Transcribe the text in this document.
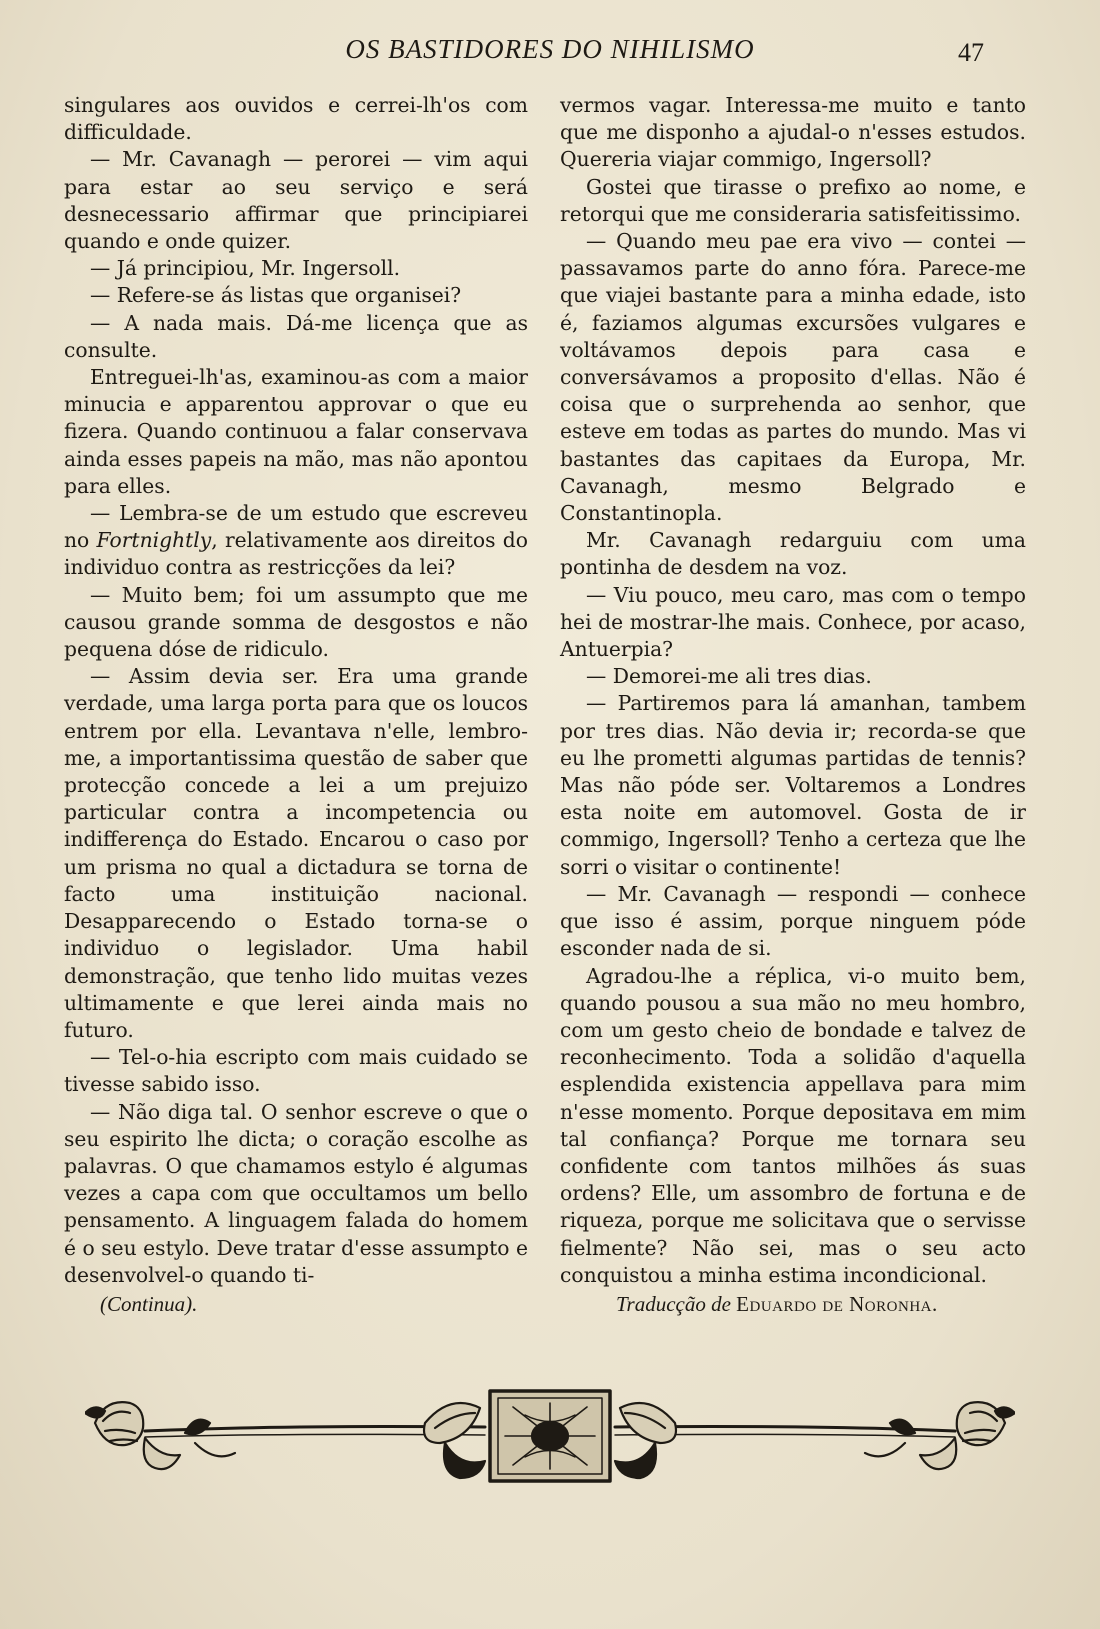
OS BASTIDORES DO NIHILISMO	47

singulares aos ouvidos e cerrei-lh'os com difficuldade.

— Mr. Cavanagh — perorei — vim aqui para estar ao seu serviço e será desnecessario affirmar que principiarei quando e onde quizer.

— Já principiou, Mr. Ingersoll.

— Refere-se ás listas que organisei?

— A nada mais. Dá-me licença que as consulte.

Entreguei-lh'as, examinou-as com a maior minucia e apparentou approvar o que eu fizera. Quando continuou a falar conservava ainda esses papeis na mão, mas não apontou para elles.

— Lembra-se de um estudo que escreveu no Fortnightly, relativamente aos direitos do individuo contra as restricções da lei?

— Muito bem; foi um assumpto que me causou grande somma de desgostos e não pequena dóse de ridiculo.

— Assim devia ser. Era uma grande verdade, uma larga porta para que os loucos entrem por ella. Levantava n'elle, lembro-me, a importantissima questão de saber que protecção concede a lei a um prejuizo particular contra a incompetencia ou indifferença do Estado. Encarou o caso por um prisma no qual a dictadura se torna de facto uma instituição nacional. Desapparecendo o Estado torna-se o individuo o legislador. Uma habil demonstração, que tenho lido muitas vezes ultimamente e que lerei ainda mais no futuro.

— Tel-o-hia escripto com mais cuidado se tivesse sabido isso.

— Não diga tal. O senhor escreve o que o seu espirito lhe dicta; o coração escolhe as palavras. O que chamamos estylo é algumas vezes a capa com que occultamos um bello pensamento. A linguagem falada do homem é o seu estylo. Deve tratar d'esse assumpto e desenvolvel-o quando ti-

vermos vagar. Interessa-me muito e tanto que me disponho a ajudal-o n'esses estudos. Quereria viajar commigo, Ingersoll?

Gostei que tirasse o prefixo ao nome, e retorqui que me consideraria satisfeitissimo.

— Quando meu pae era vivo — contei — passavamos parte do anno fóra. Parece-me que viajei bastante para a minha edade, isto é, faziamos algumas excursões vulgares e voltávamos depois para casa e conversávamos a proposito d'ellas. Não é coisa que o surprehenda ao senhor, que esteve em todas as partes do mundo. Mas vi bastantes das capitaes da Europa, Mr. Cavanagh, mesmo Belgrado e Constantinopla.

Mr. Cavanagh redarguiu com uma pontinha de desdem na voz.

— Viu pouco, meu caro, mas com o tempo hei de mostrar-lhe mais. Conhece, por acaso, Antuerpia?

— Demorei-me ali tres dias.

— Partiremos para lá amanhan, tambem por tres dias. Não devia ir; recorda-se que eu lhe prometti algumas partidas de tennis? Mas não póde ser. Voltaremos a Londres esta noite em automovel. Gosta de ir commigo, Ingersoll? Tenho a certeza que lhe sorri o visitar o continente!

— Mr. Cavanagh — respondi — conhece que isso é assim, porque ninguem póde esconder nada de si.

Agradou-lhe a réplica, vi-o muito bem, quando pousou a sua mão no meu hombro, com um gesto cheio de bondade e talvez de reconhecimento. Toda a solidão d'aquella esplendida existencia appellava para mim n'esse momento. Porque depositava em mim tal confiança? Porque me tornara seu confidente com tantos milhões ás suas ordens? Elle, um assombro de fortuna e de riqueza, porque me solicitava que o servisse fielmente? Não sei, mas o seu acto conquistou a minha estima incondicional.

(Continua).	Traducção de Eduardo de Noronha.
